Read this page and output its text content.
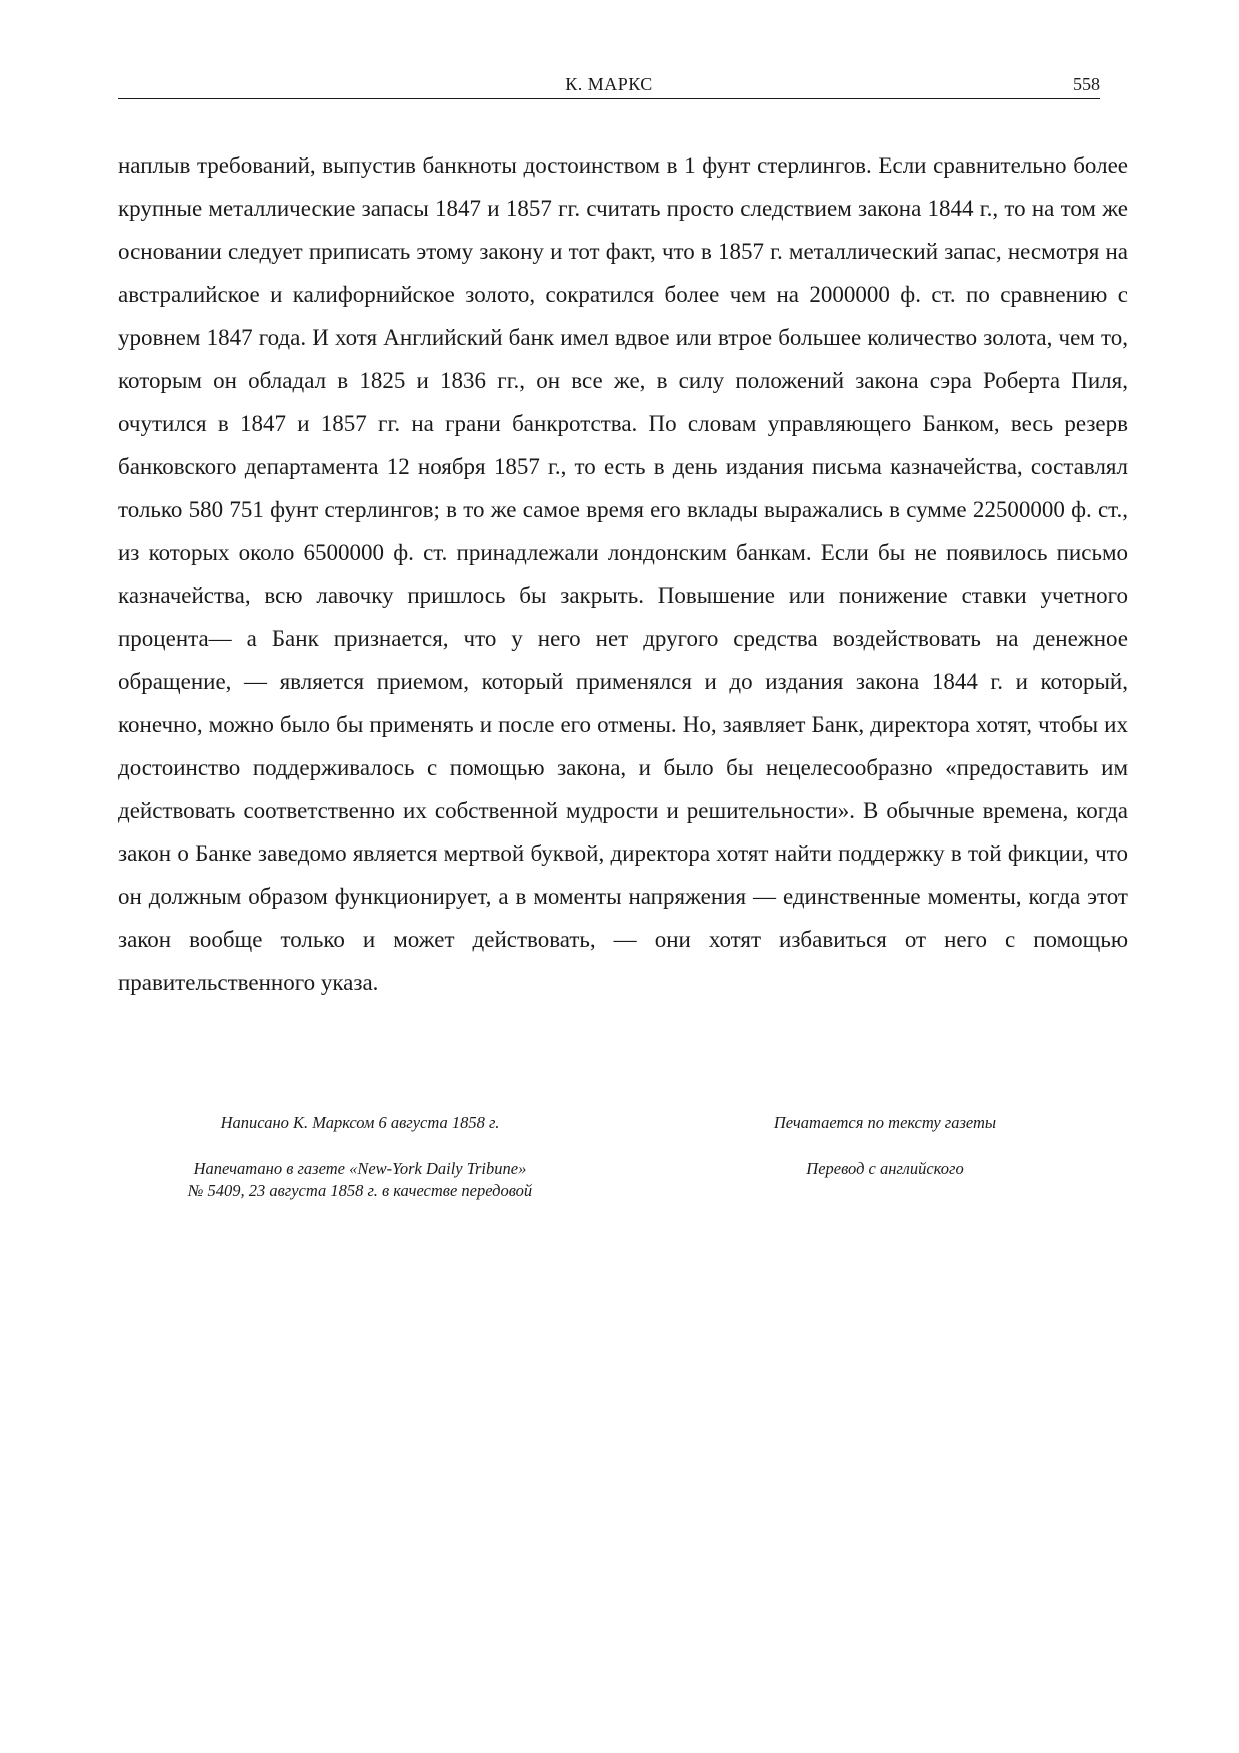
К. МАРКС	558

наплыв требований, выпустив банкноты достоинством в 1 фунт стерлингов. Если сравнительно более крупные металлические запасы 1847 и 1857 гг. считать просто следствием закона 1844 г., то на том же основании следует приписать этому закону и тот факт, что в 1857 г. металлический запас, несмотря на австралийское и калифорнийское золото, сократился более чем на 2000000 ф. ст. по сравнению с уровнем 1847 года. И хотя Английский банк имел вдвое или втрое большее количество золота, чем то, которым он обладал в 1825 и 1836 гг., он все же, в силу положений закона сэра Роберта Пиля, очутился в 1847 и 1857 гг. на грани банкротства. По словам управляющего Банком, весь резерв банковского департамента 12 ноября 1857 г., то есть в день издания письма казначейства, составлял только 580 751 фунт стерлингов; в то же самое время его вклады выражались в сумме 22500000 ф. ст., из которых около 6500000 ф. ст. принадлежали лондонским банкам. Если бы не появилось письмо казначейства, всю лавочку пришлось бы закрыть. Повышение или понижение ставки учетного процента— а Банк признается, что у него нет другого средства воздействовать на денежное обращение, — является приемом, который применялся и до издания закона 1844 г. и который, конечно, можно было бы применять и после его отмены. Но, заявляет Банк, директора хотят, чтобы их достоинство поддерживалось с помощью закона, и было бы нецелесообразно «предоставить им действовать соответственно их собственной мудрости и решительности». В обычные времена, когда закон о Банке заведомо является мертвой буквой, директора хотят найти поддержку в той фикции, что он должным образом функционирует, а в моменты напряжения — единственные моменты, когда этот закон вообще только и может действовать, — они хотят избавиться от него с помощью правительственного указа.

Написано К. Марксом 6 августа 1858 г.

Напечатано в газете «New-York Daily Tribune»
№ 5409, 23 августа 1858 г. в качестве передовой

Печатается по тексту газеты

Перевод с английского
